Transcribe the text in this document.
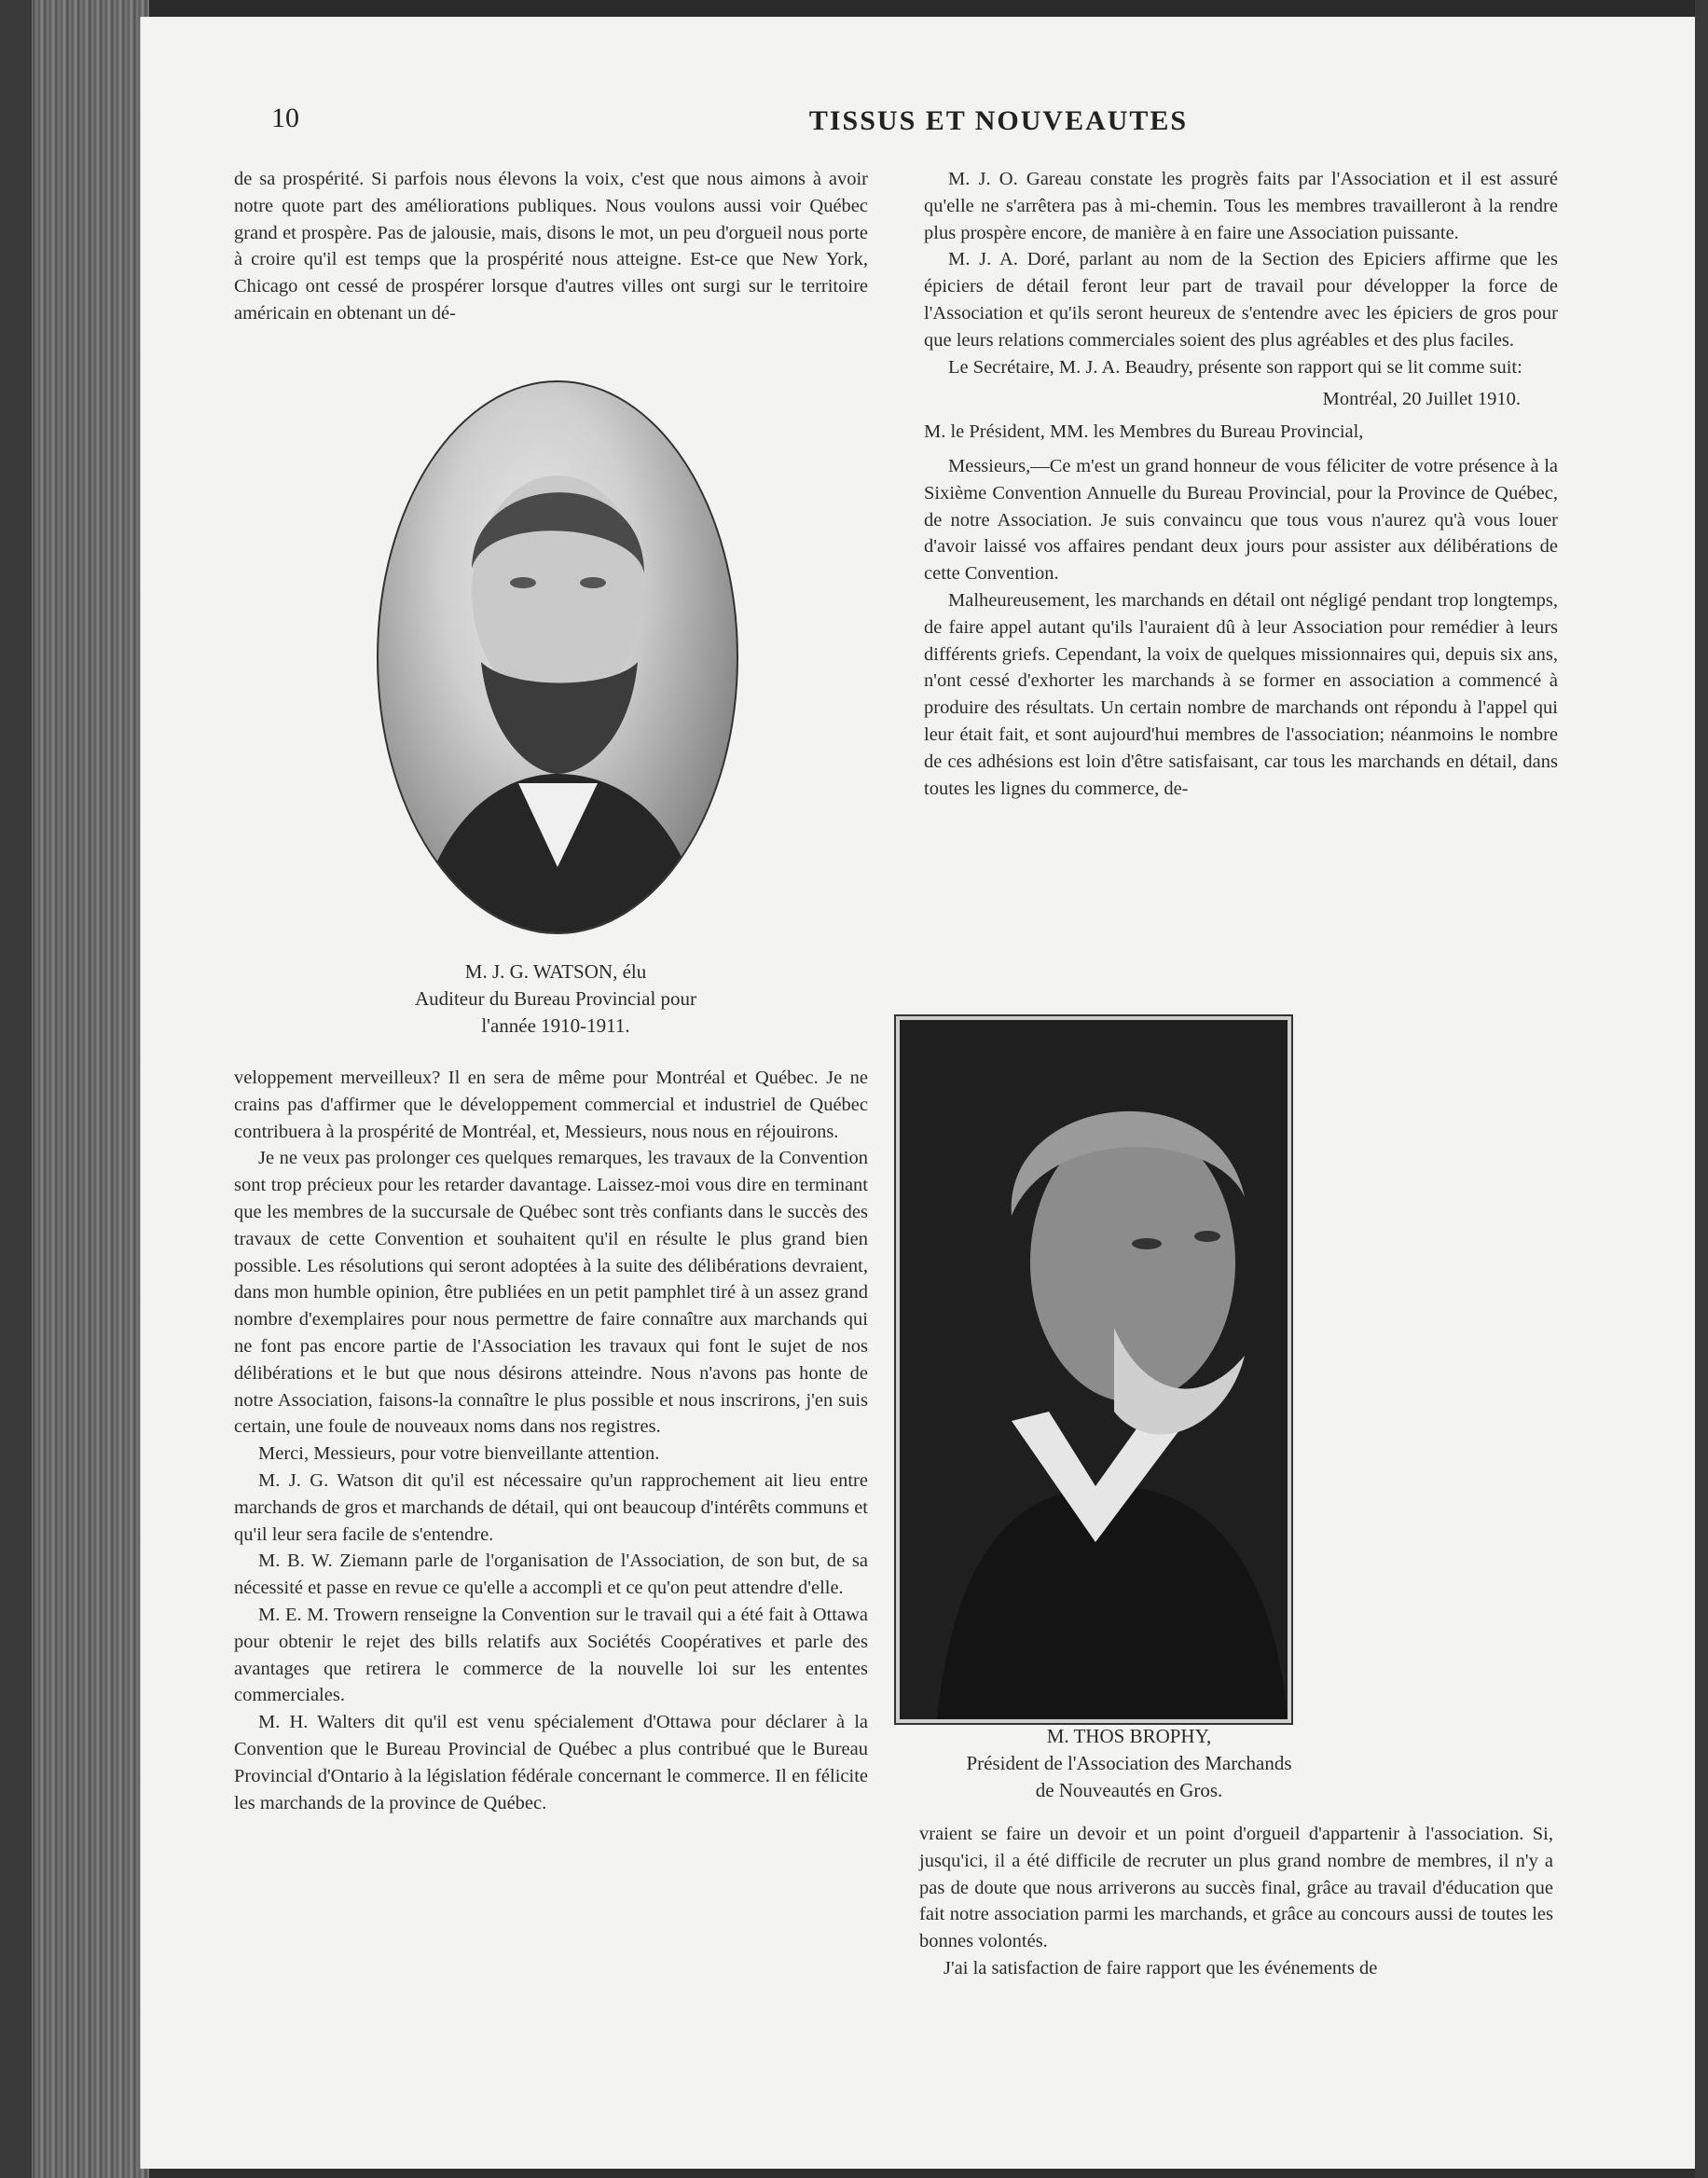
10	TISSUS ET NOUVEAUTES

de sa prospérité. Si parfois nous élevons la voix, c'est que nous aimons à avoir notre quote part des améliorations publiques. Nous voulons aussi voir Québec grand et prospère. Pas de jalousie, mais, disons le mot, un peu d'orgueil nous porte à croire qu'il est temps que la prospérité nous atteigne. Est-ce que New York, Chicago ont cessé de prospérer lorsque d'autres villes ont surgi sur le territoire américain en obtenant un dé-

M. J. G. WATSON, élu
Auditeur du Bureau Provincial pour
l'année 1910-1911.

veloppement merveilleux? Il en sera de même pour Montréal et Québec. Je ne crains pas d'affirmer que le développement commercial et industriel de Québec contribuera à la prospérité de Montréal, et, Messieurs, nous nous en réjouirons.

Je ne veux pas prolonger ces quelques remarques, les travaux de la Convention sont trop précieux pour les retarder davantage. Laissez-moi vous dire en terminant que les membres de la succursale de Québec sont très confiants dans le succès des travaux de cette Convention et souhaitent qu'il en résulte le plus grand bien possible. Les résolutions qui seront adoptées à la suite des délibérations devraient, dans mon humble opinion, être publiées en un petit pamphlet tiré à un assez grand nombre d'exemplaires pour nous permettre de faire connaître aux marchands qui ne font pas encore partie de l'Association les travaux qui font le sujet de nos délibérations et le but que nous désirons atteindre. Nous n'avons pas honte de notre Association, faisons-la connaître le plus possible et nous inscrirons, j'en suis certain, une foule de nouveaux noms dans nos registres.

Merci, Messieurs, pour votre bienveillante attention.

M. J. G. Watson dit qu'il est nécessaire qu'un rapprochement ait lieu entre marchands de gros et marchands de détail, qui ont beaucoup d'intérêts communs et qu'il leur sera facile de s'entendre.

M. B. W. Ziemann parle de l'organisation de l'Association, de son but, de sa nécessité et passe en revue ce qu'elle a accompli et ce qu'on peut attendre d'elle.

M. E. M. Trowern renseigne la Convention sur le travail qui a été fait à Ottawa pour obtenir le rejet des bills relatifs aux Sociétés Coopératives et parle des avantages que retirera le commerce de la nouvelle loi sur les ententes commerciales.

M. H. Walters dit qu'il est venu spécialement d'Ottawa pour déclarer à la Convention que le Bureau Provincial de Québec a plus contribué que le Bureau Provincial d'Ontario à la législation fédérale concernant le commerce. Il en félicite les marchands de la province de Québec.

M. J. O. Gareau constate les progrès faits par l'Association et il est assuré qu'elle ne s'arrêtera pas à mi-chemin. Tous les membres travailleront à la rendre plus prospère encore, de manière à en faire une Association puissante.

M. J. A. Doré, parlant au nom de la Section des Epiciers affirme que les épiciers de détail feront leur part de travail pour développer la force de l'Association et qu'ils seront heureux de s'entendre avec les épiciers de gros pour que leurs relations commerciales soient des plus agréables et des plus faciles.

Le Secrétaire, M. J. A. Beaudry, présente son rapport qui se lit comme suit:

Montréal, 20 Juillet 1910.

M. le Président, MM. les Membres du Bureau Provincial,

Messieurs,—Ce m'est un grand honneur de vous féliciter de votre présence à la Sixième Convention Annuelle du Bureau Provincial, pour la Province de Québec, de notre Association. Je suis convaincu que tous vous n'aurez qu'à vous louer d'avoir laissé vos affaires pendant deux jours pour assister aux délibérations de cette Convention.

Malheureusement, les marchands en détail ont négligé pendant trop longtemps, de faire appel autant qu'ils l'auraient dû à leur Association pour remédier à leurs différents griefs. Cependant, la voix de quelques missionnaires qui, depuis six ans, n'ont cessé d'exhorter les marchands à se former en association a commencé à produire des résultats. Un certain nombre de marchands ont répondu à l'appel qui leur était fait, et sont aujourd'hui membres de l'association; néanmoins le nombre de ces adhésions est loin d'être satisfaisant, car tous les marchands en détail, dans toutes les lignes du commerce, de-

M. THOS BROPHY,
Président de l'Association des Marchands
de Nouveautés en Gros.

vraient se faire un devoir et un point d'orgueil d'appartenir à l'association. Si, jusqu'ici, il a été difficile de recruter un plus grand nombre de membres, il n'y a pas de doute que nous arriverons au succès final, grâce au travail d'éducation que fait notre association parmi les marchands, et grâce au concours aussi de toutes les bonnes volontés.

J'ai la satisfaction de faire rapport que les événements de
